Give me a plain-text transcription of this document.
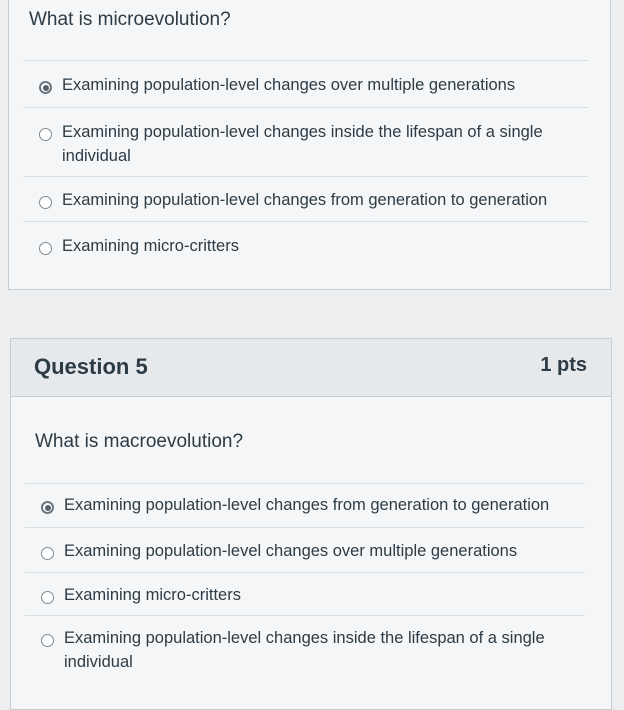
What is microevolution?
Examining population-level changes over multiple generations
Examining population-level changes inside the lifespan of a single individual
Examining population-level changes from generation to generation
Examining micro-critters
Question 5	1 pts
What is macroevolution?
Examining population-level changes from generation to generation
Examining population-level changes over multiple generations
Examining micro-critters
Examining population-level changes inside the lifespan of a single individual
